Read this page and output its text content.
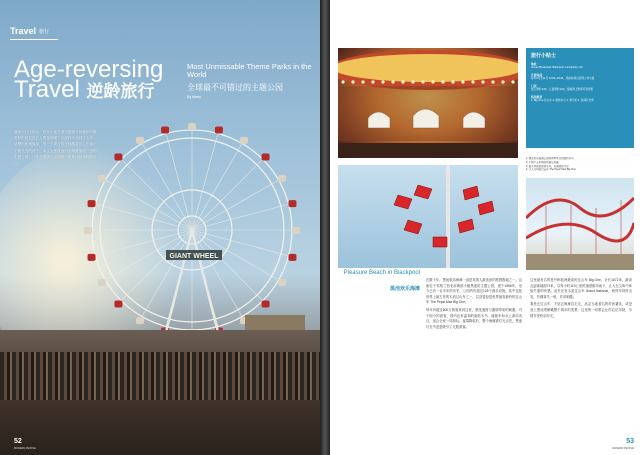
GIANT WHEEL
Travel 旅行
Age-reversing
Travel 逆龄旅行
Most Unmissable Theme Parks in the World
全球最不可错过的主题公园
By Marry
随出十几个年头，有什么比在游乐园里寻找童年时最美好的回忆更让人着迷的呢？从旋转木马到过山车，从摩天轮到鬼屋，每一个项目都在唤醒我们心中那个不愿长大的孩子。本文为你挑选出全球最值得一去的主题公园，让你在欢笑与尖叫声中重新找回年轻的自己。
52
MODERN PEOPLE
旅行小贴士
地址
Ocean Boulevard, Blackpool, Lancashire, UK
开放时间
每年3月至11月 10:00–18:00，具体时间以官网公布为准
门票
成人票约 £35，儿童票约 £30，提前网上购票可享优惠
特别推荐
1. Big One 过山车 2. 旋转木马 3. 摩天轮 4. 夜间灯光秀
1. 黑池欢乐海滩公园内造型复古的旋转木马
2. 夕阳下五彩缤纷的游乐设施
3. 欧式风格的旋转木马，充满童话气息
4. 令人尖叫的过山车 The Pepsi Max Big One
Pleasure Beach in Blackpool
黑池欢乐海滩

在数十年，黑池欢乐海滩一直是英国人最喜爱的度假胜地之一。这座位于英格兰西北部海滨小镇黑池的主题公园，建于1896年，至今已有一百多年的历史。公园内有超过125个游乐设施，其中包括世界上最古老的木质过山车之一，以及曾经是世界最高最快的过山车 The Pepsi Max Big One。

每年有超过600万游客来到这里，感受速度与激情带来的刺激。对于胆小的游客，园内也有温和的旋转木马、碰碰车和水上游乐项目，适合全家一同游玩。夜幕降临后，整个海滩被灯光点亮，黑池灯光节更是吸引了无数游客。

这里最有名的是号称欧洲最高的过山车 Big One，全长1672米，最高点距离地面72米，以每小时119公里的速度俯冲而下，让人在尖叫中体验失重的快感。此外还有木质过山车 Grand National，两列车同时出发，仿佛赛马一般，非常刺激。

乘坐完过山车，不妨去海滩边走走，品尝当地著名的炸鱼薯条，或是登上黑池塔俯瞰整个城市的美景。这里的一切都会让你忘记年龄，尽情享受快乐时光。

53
MODERN PEOPLE
